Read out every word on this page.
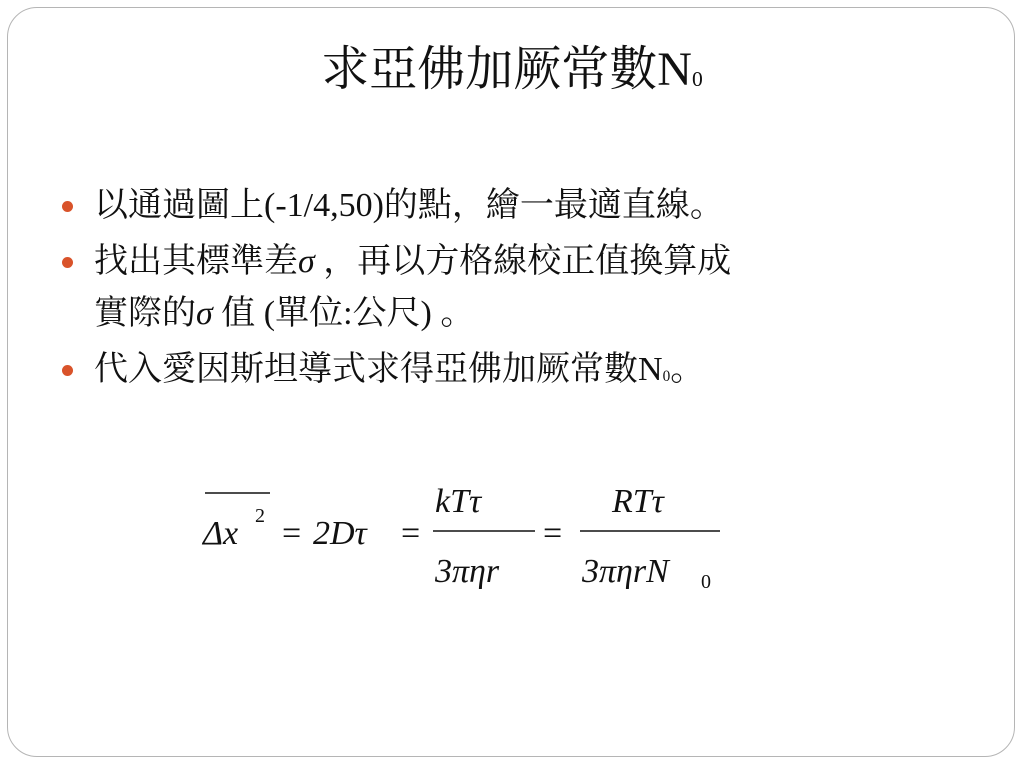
求亞佛加厥常數N0
以通過圖上(-1/4,50)的點，繪一最適直線。
找出其標準差σ ，再以方格線校正值換算成
實際的σ 值 (單位:公尺) 。
代入愛因斯坦導式求得亞佛加厥常數N0。
Δx 2 = 2Dτ =
kTτ
3πηr
=
RTτ
3πηrN 0
